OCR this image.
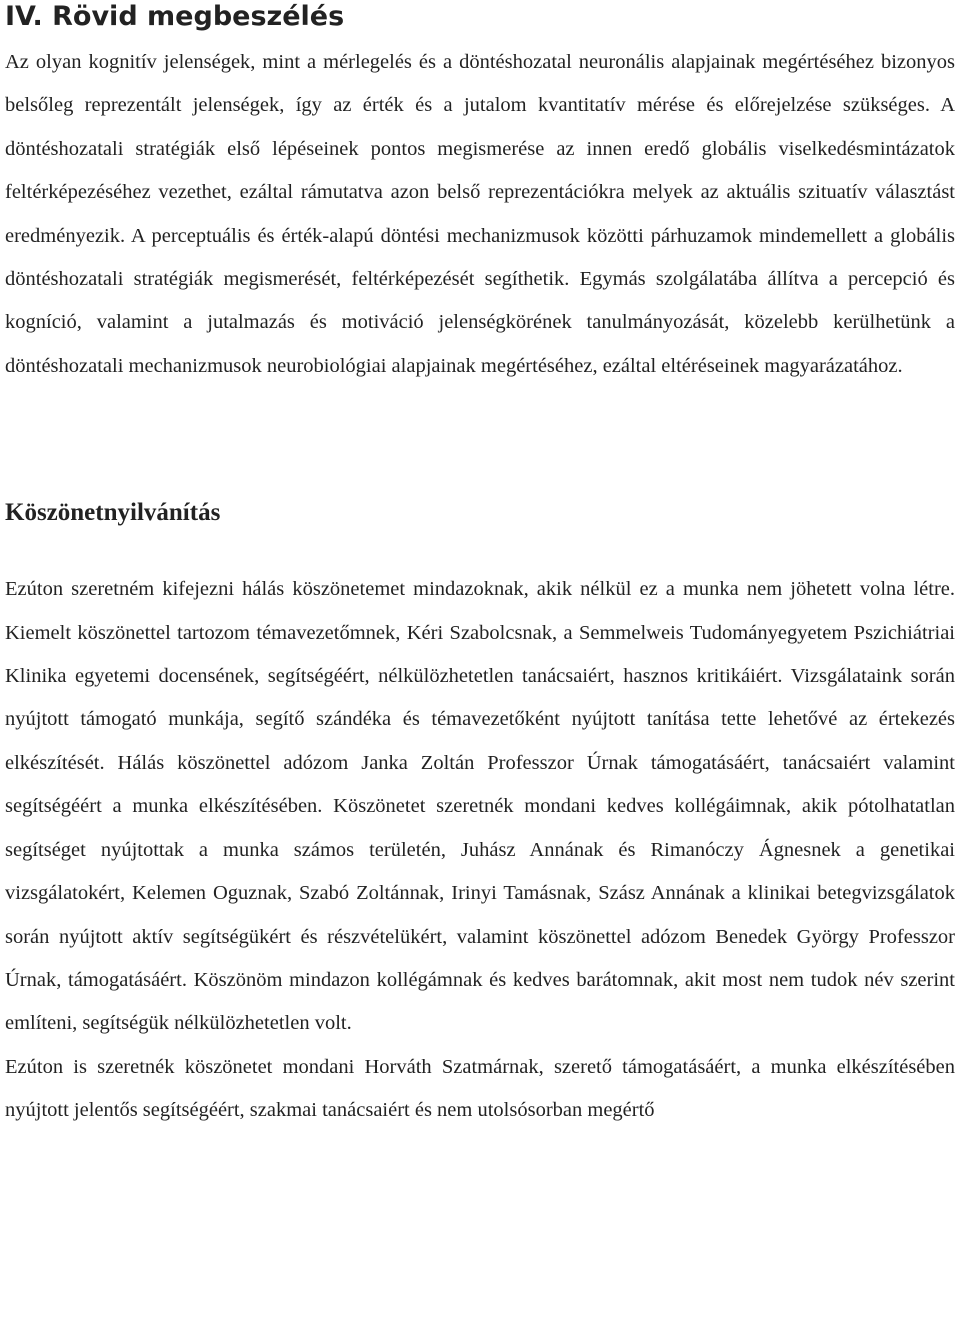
IV. Rövid megbeszélés

Az olyan kognitív jelenségek, mint a mérlegelés és a döntéshozatal neuronális alapjainak megértéséhez bizonyos belsőleg reprezentált jelenségek, így az érték és a jutalom kvantitatív mérése és előrejelzése szükséges. A döntéshozatali stratégiák első lépéseinek pontos megismerése az innen eredő globális viselkedésmintázatok feltérképezéséhez vezethet, ezáltal rámutatva azon belső reprezentációkra melyek az aktuális szituatív választást eredményezik. A perceptuális és érték-alapú döntési mechanizmusok közötti párhuzamok mindemellett a globális döntéshozatali stratégiák megismerését, feltérképezését segíthetik. Egymás szolgálatába állítva a percepció és kogníció, valamint a jutalmazás és motiváció jelenségkörének tanulmányozását, közelebb kerülhetünk a döntéshozatali mechanizmusok neurobiológiai alapjainak megértéséhez, ezáltal eltéréseinek magyarázatához.

Köszönetnyilvánítás

Ezúton szeretném kifejezni hálás köszönetemet mindazoknak, akik nélkül ez a munka nem jöhetett volna létre. Kiemelt köszönettel tartozom témavezetőmnek, Kéri Szabolcsnak, a Semmelweis Tudományegyetem Pszichiátriai Klinika egyetemi docensének, segítségéért, nélkülözhetetlen tanácsaiért, hasznos kritikáiért. Vizsgálataink során nyújtott támogató munkája, segítő szándéka és témavezetőként nyújtott tanítása tette lehetővé az értekezés elkészítését. Hálás köszönettel adózom Janka Zoltán Professzor Úrnak támogatásáért, tanácsaiért valamint segítségéért a munka elkészítésében. Köszönetet szeretnék mondani kedves kollégáimnak, akik pótolhatatlan segítséget nyújtottak a munka számos területén, Juhász Annának és Rimanóczy Ágnesnek a genetikai vizsgálatokért, Kelemen Oguznak, Szabó Zoltánnak, Irinyi Tamásnak, Szász Annának a klinikai betegvizsgálatok során nyújtott aktív segítségükért és részvételükért, valamint köszönettel adózom Benedek György Professzor Úrnak, támogatásáért. Köszönöm mindazon kollégámnak és kedves barátomnak, akit most nem tudok név szerint említeni, segítségük nélkülözhetetlen volt.

Ezúton is szeretnék köszönetet mondani Horváth Szatmárnak, szerető támogatásáért, a munka elkészítésében nyújtott jelentős segítségéért, szakmai tanácsaiért és nem utolsósorban megértő
